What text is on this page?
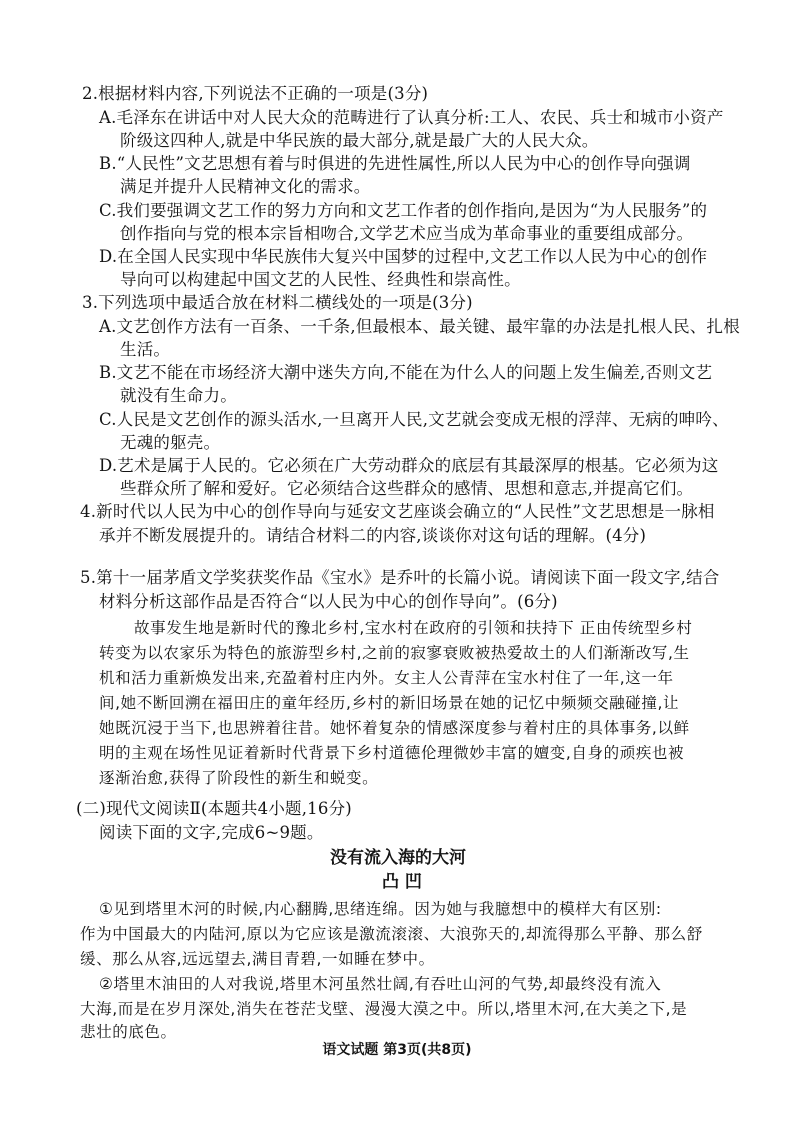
2.根据材料内容,下列说法不正确的一项是(3分)
A.毛泽东在讲话中对人民大众的范畴进行了认真分析:工人、农民、兵士和城市小资产
阶级这四种人,就是中华民族的最大部分,就是最广大的人民大众。
B.“人民性”文艺思想有着与时俱进的先进性属性,所以人民为中心的创作导向强调
满足并提升人民精神文化的需求。
C.我们要强调文艺工作的努力方向和文艺工作者的创作指向,是因为“为人民服务”的
创作指向与党的根本宗旨相吻合,文学艺术应当成为革命事业的重要组成部分。
D.在全国人民实现中华民族伟大复兴中国梦的过程中,文艺工作以人民为中心的创作
导向可以构建起中国文艺的人民性、经典性和崇高性。
3.下列选项中最适合放在材料二横线处的一项是(3分)
A.文艺创作方法有一百条、一千条,但最根本、最关键、最牢靠的办法是扎根人民、扎根
生活。
B.文艺不能在市场经济大潮中迷失方向,不能在为什么人的问题上发生偏差,否则文艺
就没有生命力。
C.人民是文艺创作的源头活水,一旦离开人民,文艺就会变成无根的浮萍、无病的呻吟、
无魂的躯壳。
D.艺术是属于人民的。它必须在广大劳动群众的底层有其最深厚的根基。它必须为这
些群众所了解和爱好。它必须结合这些群众的感情、思想和意志,并提高它们。
4.新时代以人民为中心的创作导向与延安文艺座谈会确立的“人民性”文艺思想是一脉相
承并不断发展提升的。请结合材料二的内容,谈谈你对这句话的理解。(4分)
5.第十一届茅盾文学奖获奖作品《宝水》是乔叶的长篇小说。请阅读下面一段文字,结合
材料分析这部作品是否符合“以人民为中心的创作导向”。(6分)
故事发生地是新时代的豫北乡村,宝水村在政府的引领和扶持下 正由传统型乡村
转变为以农家乐为特色的旅游型乡村,之前的寂寥衰败被热爱故土的人们渐渐改写,生
机和活力重新焕发出来,充盈着村庄内外。女主人公青萍在宝水村住了一年,这一年
间,她不断回溯在福田庄的童年经历,乡村的新旧场景在她的记忆中频频交融碰撞,让
她既沉浸于当下,也思辨着往昔。她怀着复杂的情感深度参与着村庄的具体事务,以鲜
明的主观在场性见证着新时代背景下乡村道德伦理微妙丰富的嬗变,自身的顽疾也被
逐渐治愈,获得了阶段性的新生和蜕变。
(二)现代文阅读Ⅱ(本题共4小题,16分)
阅读下面的文字,完成6~9题。
没有流入海的大河
凸 凹
①见到塔里木河的时候,内心翻腾,思绪连绵。因为她与我臆想中的模样大有区别:
作为中国最大的内陆河,原以为它应该是激流滚滚、大浪弥天的,却流得那么平静、那么舒
缓、那么从容,远远望去,满目青碧,一如睡在梦中。
②塔里木油田的人对我说,塔里木河虽然壮阔,有吞吐山河的气势,却最终没有流入
大海,而是在岁月深处,消失在苍茫戈壁、漫漫大漠之中。所以,塔里木河,在大美之下,是
悲壮的底色。
语文试题 第3页(共8页)
